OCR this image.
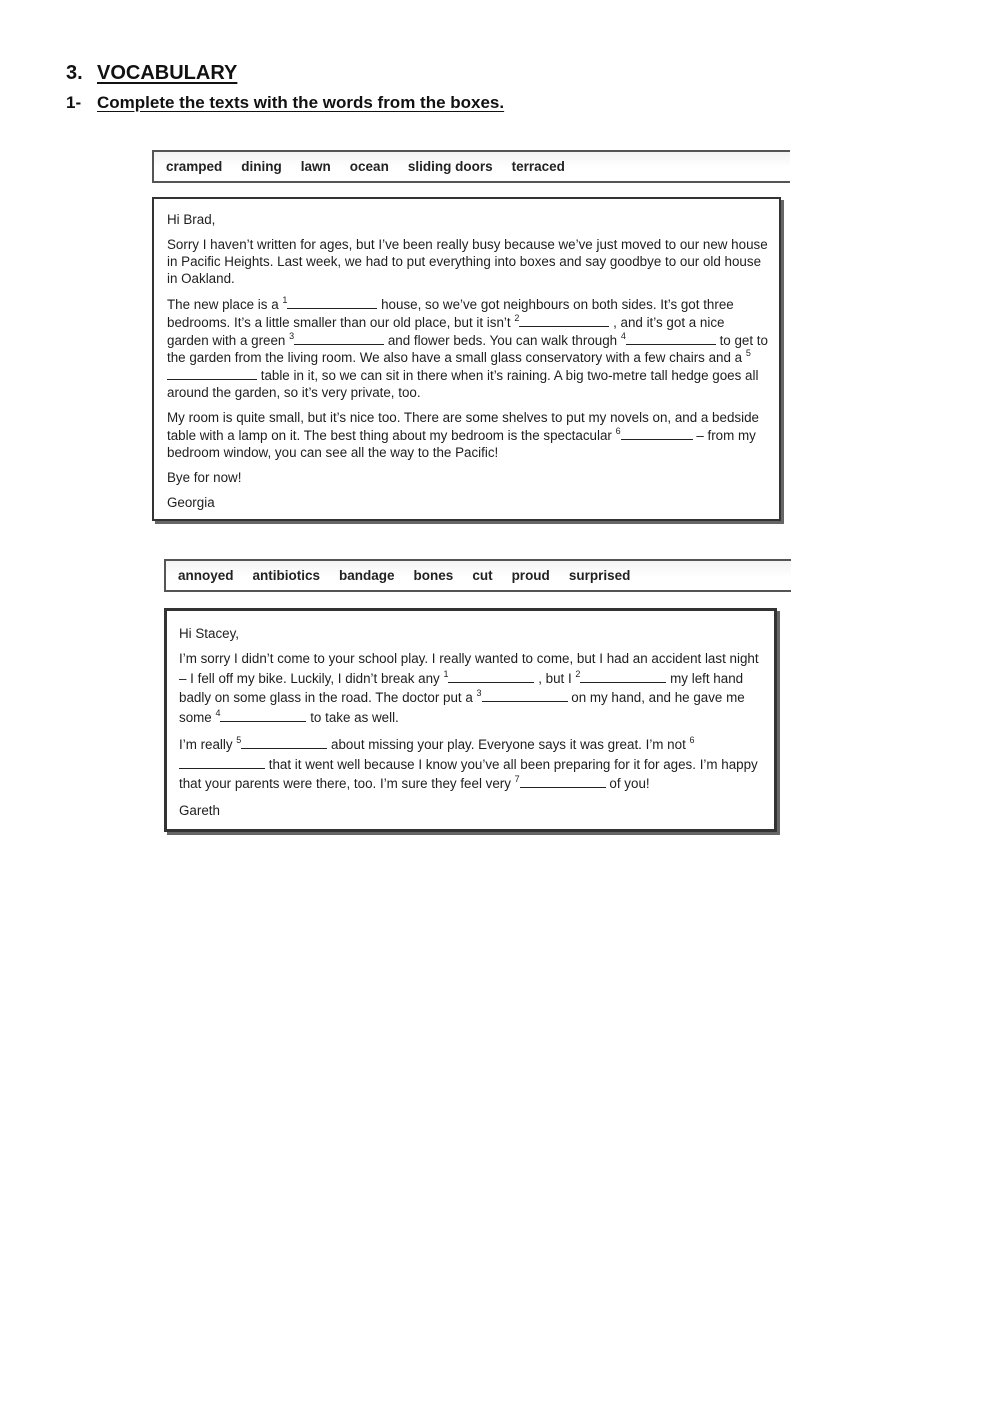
3. VOCABULARY
1- Complete the texts with the words from the boxes.
cramped dining lawn ocean sliding doors terraced

Hi Brad,

Sorry I haven’t written for ages, but I’ve been really busy because we’ve just moved to our new house in Pacific Heights. Last week, we had to put everything into boxes and say goodbye to our old house in Oakland.

The new place is a $^1$	house, so we’ve got neighbours on both sides. It’s got three bedrooms. It’s a little smaller than our old place, but it isn’t $^2$	, and it’s got a nice garden with a green $^3$	and flower beds. You can walk through $^4$	to get to the garden from the living room. We also have a small glass conservatory with a few chairs and a $^5$ table in it, so we can sit in there when it’s raining. A big two-metre tall hedge goes all around the garden, so it’s very private, too.

My room is quite small, but it’s nice too. There are some shelves to put my novels on, and a bedside table with a lamp on it. The best thing about my bedroom is the spectacular $^6$	– from my bedroom window, you can see all the way to the Pacific!

Bye for now!

Georgia

annoyed antibiotics bandage bones cut proud surprised

Hi Stacey,

I’m sorry I didn’t come to your school play. I really wanted to come, but I had an accident last night – I fell off my bike. Luckily, I didn’t break any $^1$	, but I $^2$	my left hand badly on some glass in the road. The doctor put a $^3$	on my hand, and he gave me some $^4$	to take as well.

I’m really $^5$	about missing your play. Everyone says it was great. I’m not $^6$ that it went well because I know you’ve all been preparing for it for ages. I’m happy that your parents were there, too. I’m sure they feel very $^7$	of you!

Gareth
